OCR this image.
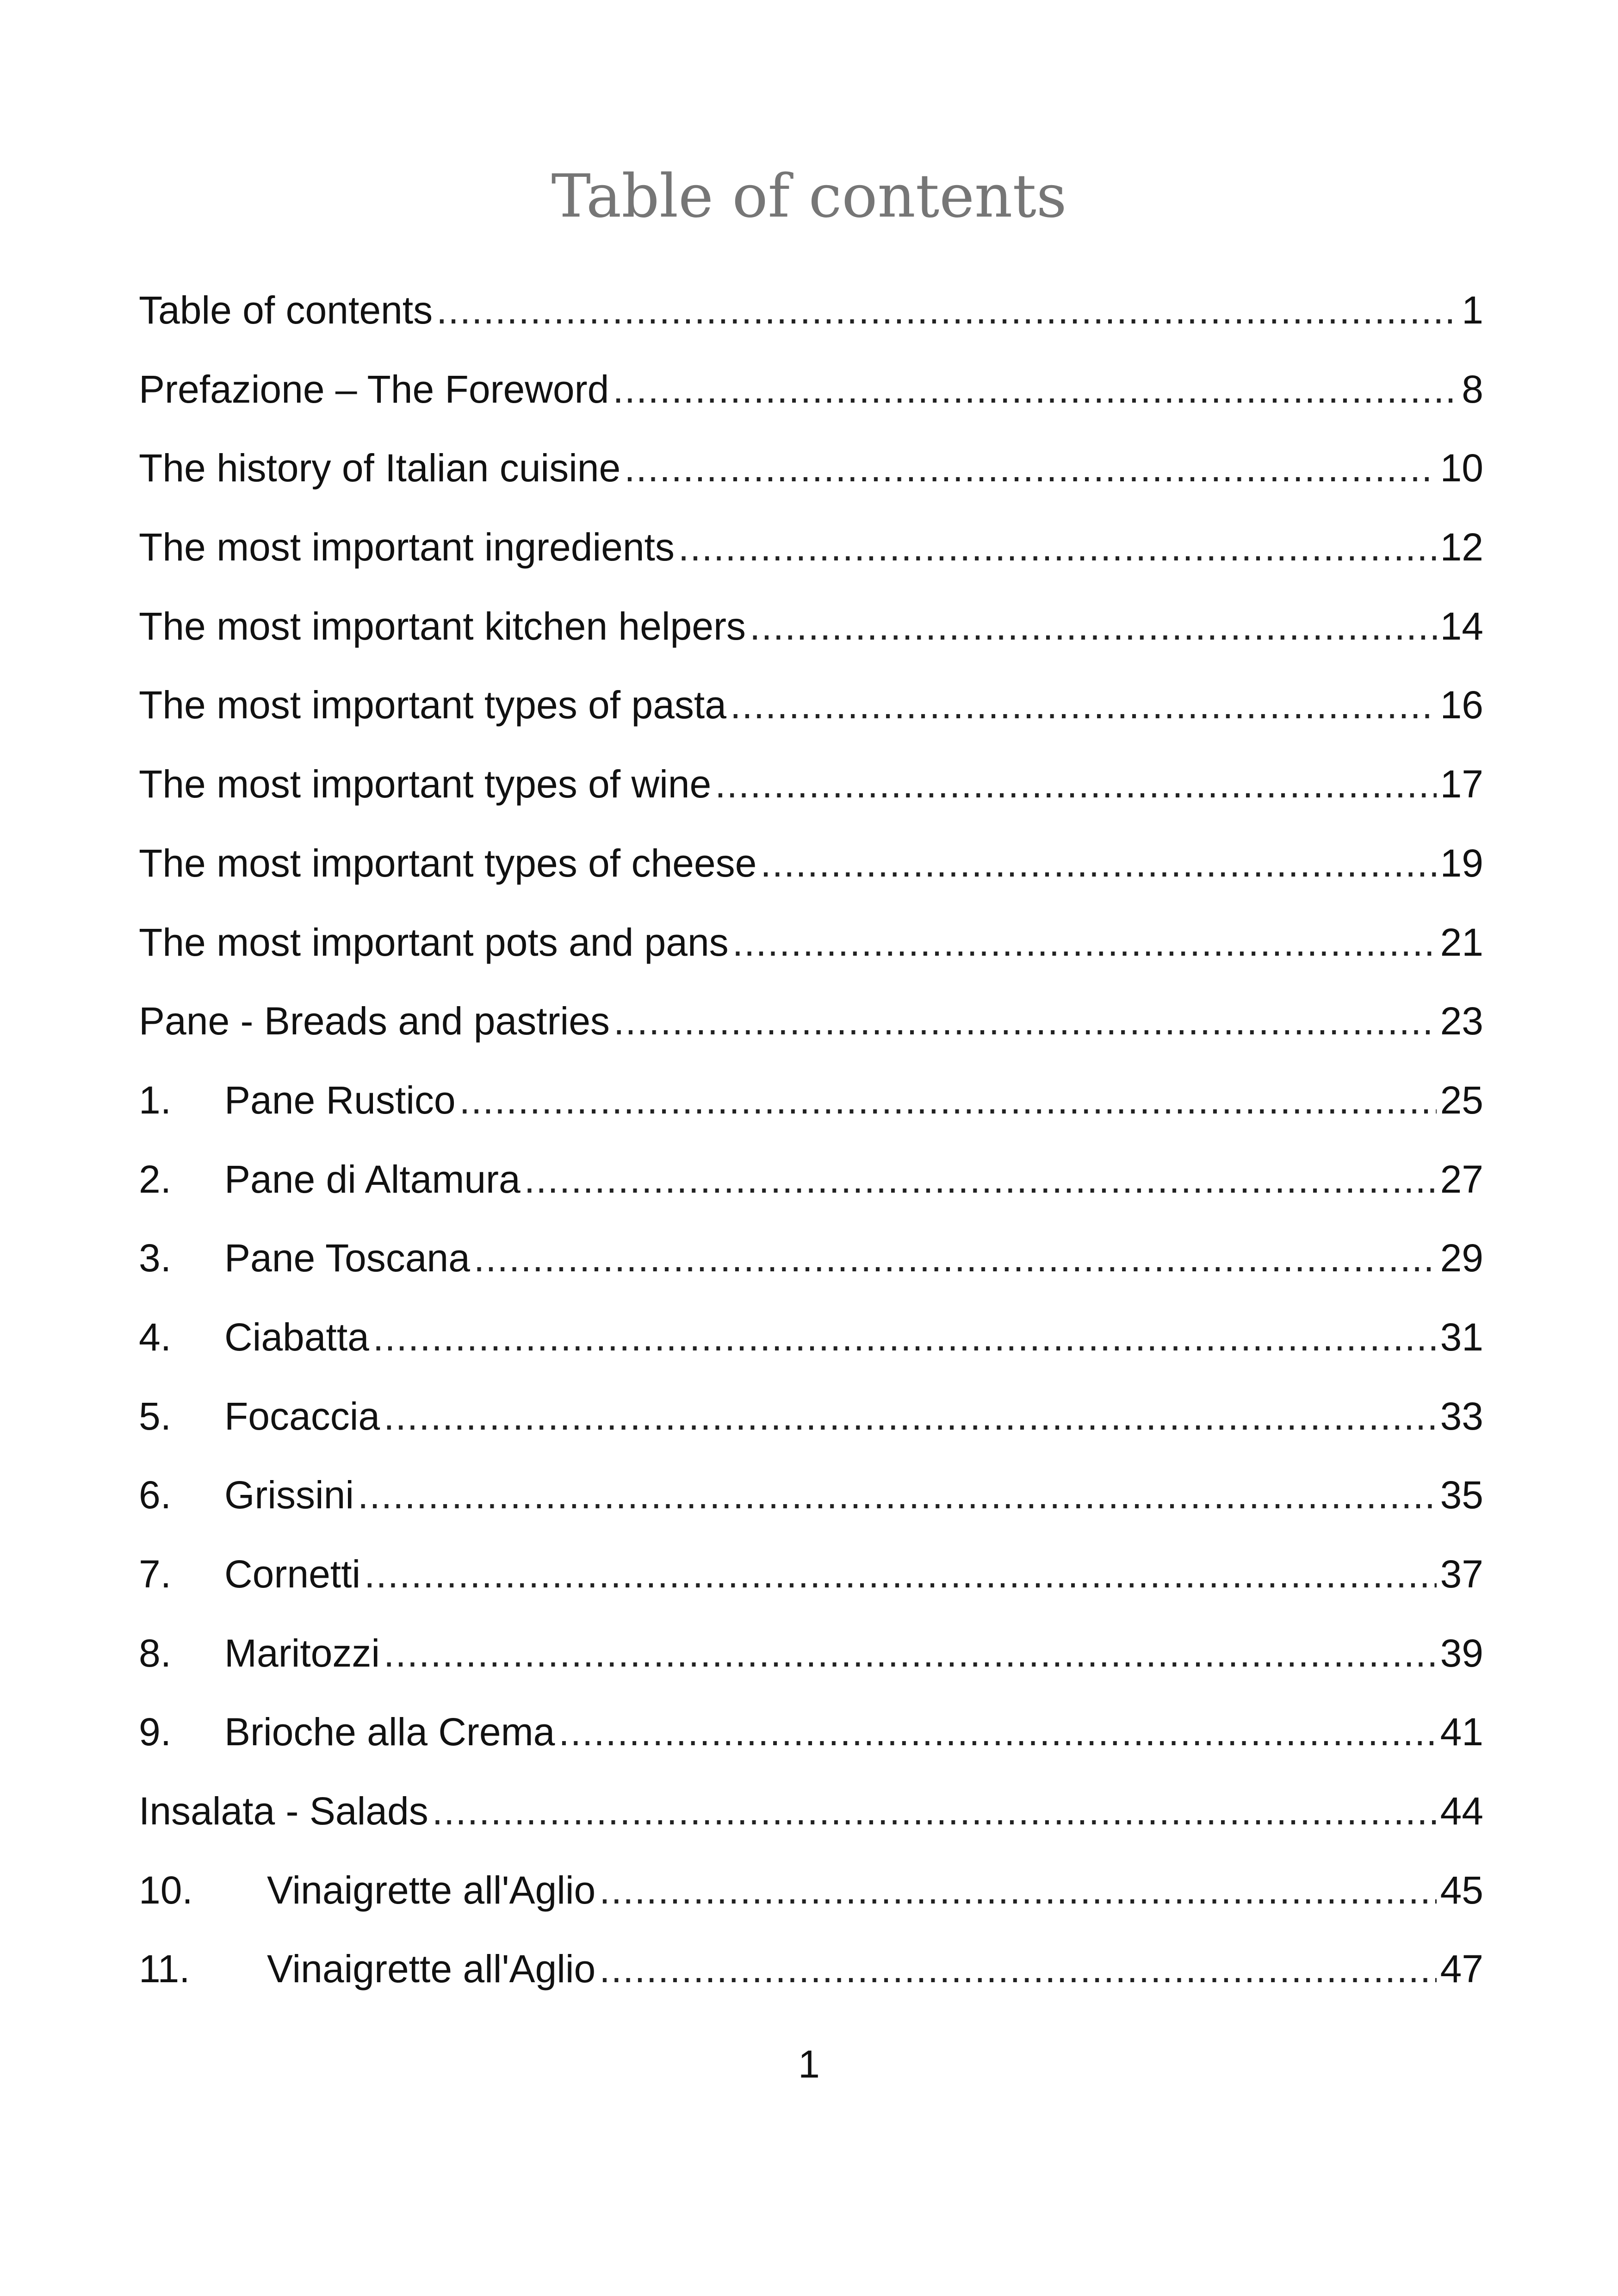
Table of contents
Table of contents .....	1
Prefazione – The Foreword .....	8
The history of Italian cuisine .....	10
The most important ingredients .....	12
The most important kitchen helpers .....	14
The most important types of pasta .....	16
The most important types of wine .....	17
The most important types of cheese .....	19
The most important pots and pans .....	21
Pane - Breads and pastries .....	23
1.	Pane Rustico .....	25
2.	Pane di Altamura .....	27
3.	Pane Toscana .....	29
4.	Ciabatta .....	31
5.	Focaccia .....	33
6.	Grissini .....	35
7.	Cornetti .....	37
8.	Maritozzi .....	39
9.	Brioche alla Crema .....	41
Insalata - Salads .....	44
10.	Vinaigrette all'Aglio .....	45
11.	Vinaigrette all'Aglio .....	47
1
